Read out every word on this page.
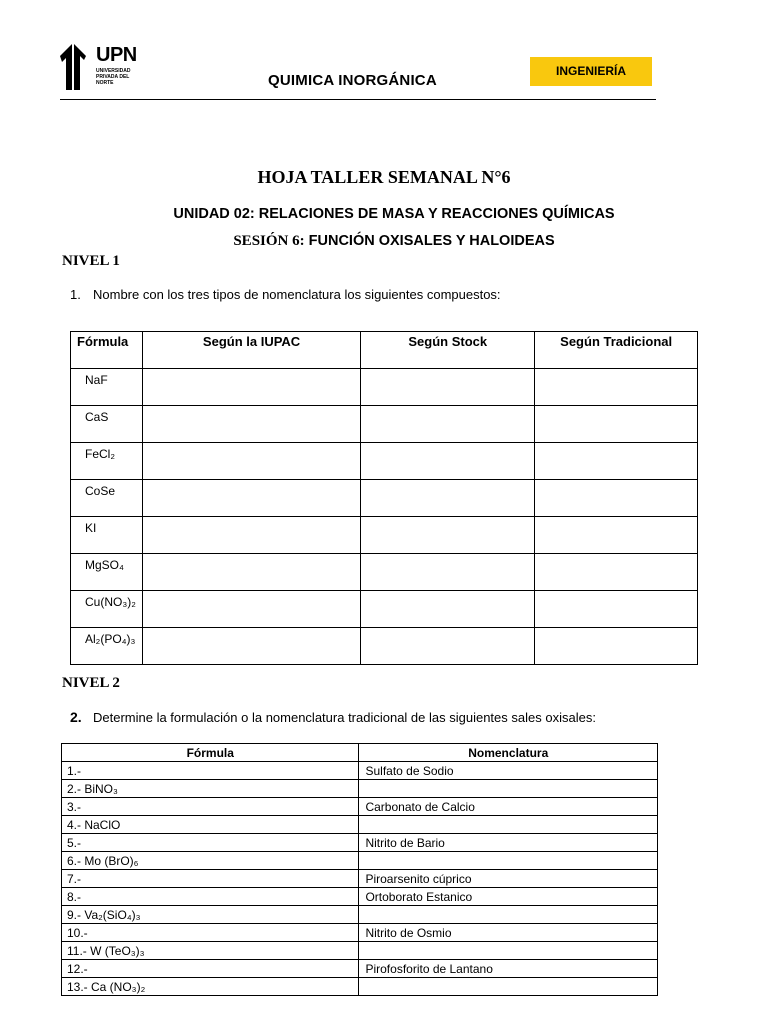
UPN
UNIVERSIDAD PRIVADA DEL NORTE	QUIMICA INORGÁNICA
INGENIERÍA
HOJA TALLER SEMANAL N°6
UNIDAD 02: RELACIONES DE MASA Y REACCIONES QUÍMICAS
SESIÓN 6: FUNCIÓN OXISALES Y HALOIDEAS
NIVEL 1
1. Nombre con los tres tipos de nomenclatura los siguientes compuestos:
Fórmula	Según la IUPAC	Según Stock	Según Tradicional
NaF			
CaS			
FeCl₂			
CoSe			
KI			
MgSO₄			
Cu(NO₃)₂			
Al₂(PO₄)₃			
NIVEL 2
2. Determine la formulación o la nomenclatura tradicional de las siguientes sales oxisales:
Fórmula	Nomenclatura
1.-	Sulfato de Sodio
2.- BiNO₃	
3.-	Carbonato de Calcio
4.- NaClO	
5.-	Nitrito de Bario
6.- Mo (BrO)₆	
7.-	Piroarsenito cúprico
8.-	Ortoborato Estanico
9.- Va₂(SiO₄)₃	
10.-	Nitrito de Osmio
11.- W (TeO₃)₃	
12.-	Pirofosforito de Lantano
13.- Ca (NO₃)₂	
